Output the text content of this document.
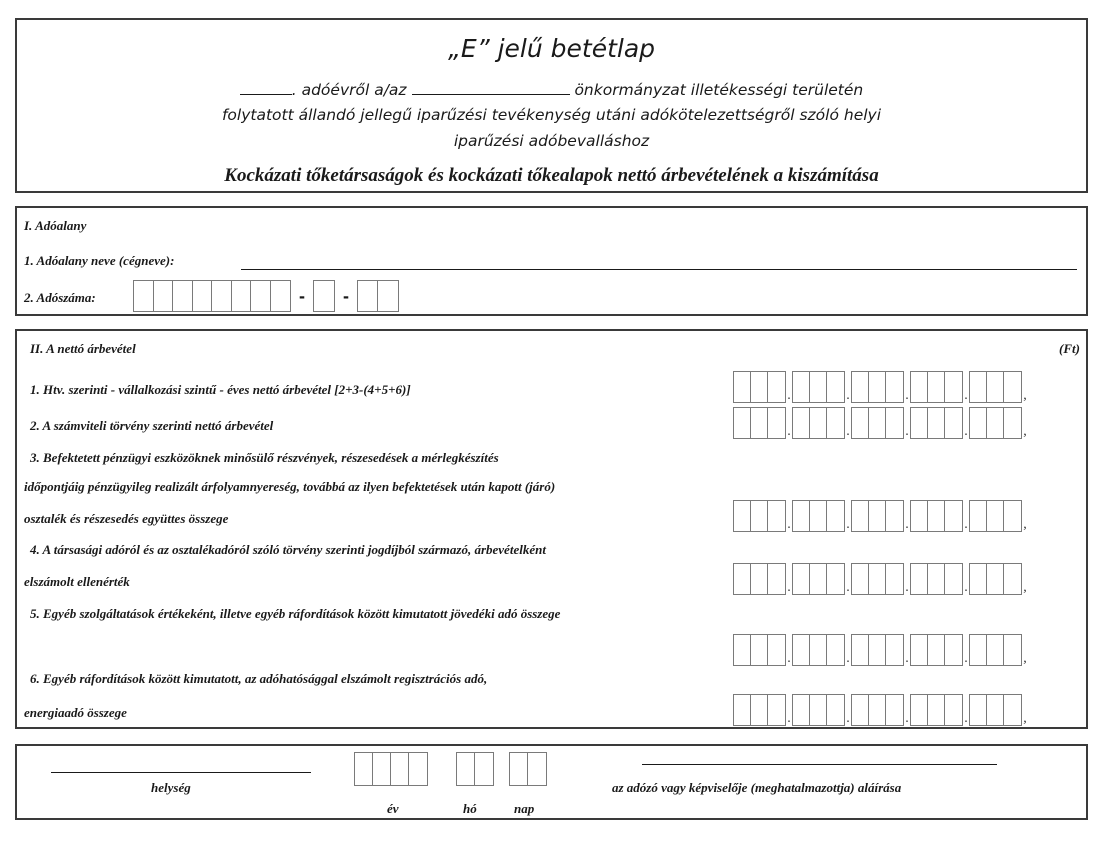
„E” jelű betétlap
. adóévről a/az	önkormányzat illetékességi területén
folytatott állandó jellegű iparűzési tevékenység utáni adókötelezettségről szóló helyi
iparűzési adóbevalláshoz
Kockázati tőketársaságok és kockázati tőkealapok nettó árbevételének a kiszámítása
I. Adóalany
1. Adóalany neve (cégneve):
2. Adószáma:	- -
II. A nettó árbevétel	(Ft)
1. Htv. szerinti - vállalkozási szintű - éves nettó árbevétel [2+3-(4+5+6)]	.	.	.	.	,
2. A számviteli törvény szerinti nettó árbevétel	.	.	.	.	,
3. Befektetett pénzügyi eszközöknek minősülő részvények, részesedések a mérlegkészítés
időpontjáig pénzügyileg realizált árfolyamnyereség, továbbá az ilyen befektetések után kapott (járó)
osztalék és részesedés együttes összege	.	.	.	.	,
4. A társasági adóról és az osztalékadóról szóló törvény szerinti jogdíjból származó, árbevételként
elszámolt ellenérték	.	.	.	.	,
5. Egyéb szolgáltatások értékeként, illetve egyéb ráfordítások között kimutatott jövedéki adó összege
.	.	.	.	,
6. Egyéb ráfordítások között kimutatott, az adóhatósággal elszámolt regisztrációs adó,
energiaadó összege	.	.	.	.	,
helység
év	hó	nap
az adózó vagy képviselője (meghatalmazottja) aláírása
